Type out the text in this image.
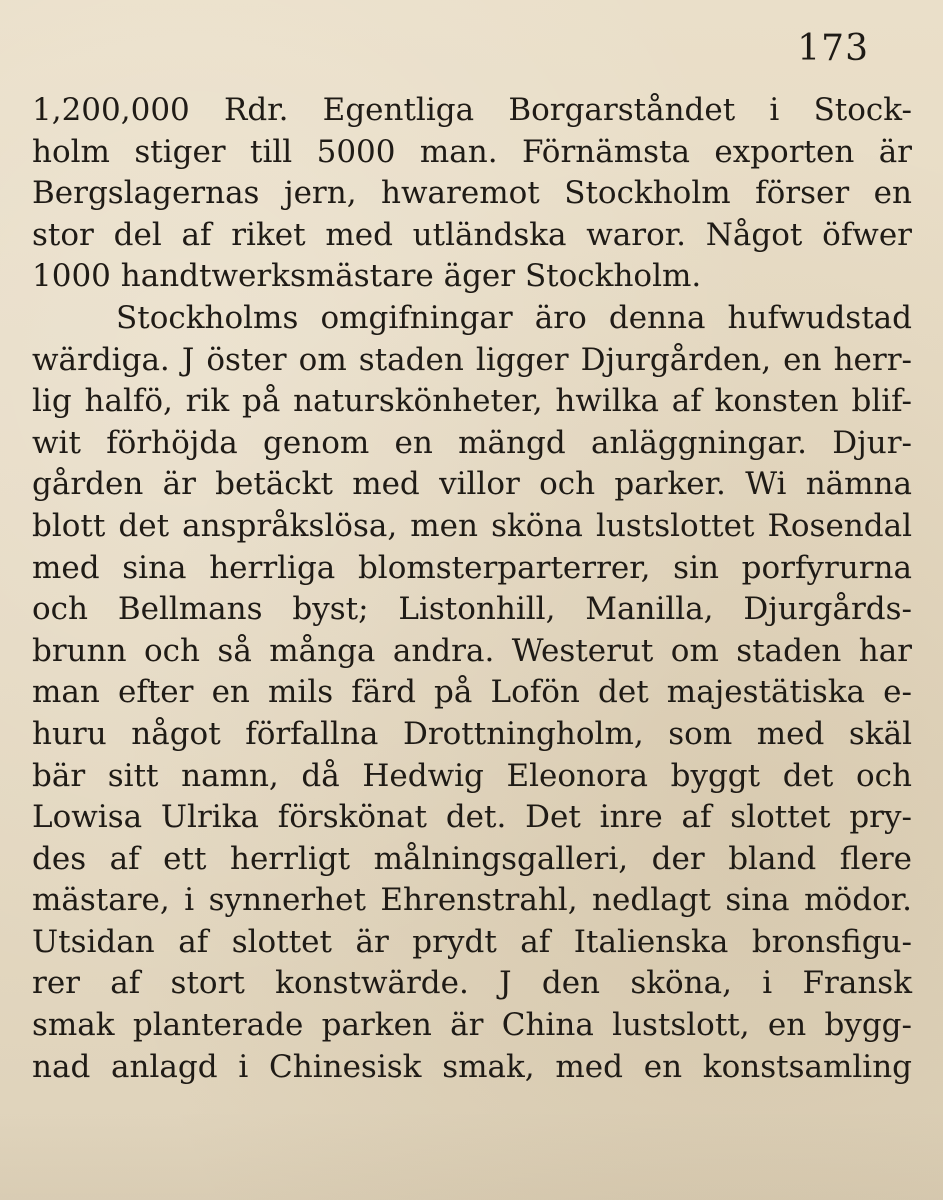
173
1,200,000 Rdr. Egentliga Borgarståndet i Stock-
holm stiger till 5000 man. Förnämsta exporten är
Bergslagernas jern, hwaremot Stockholm förser en
stor del af riket med utländska waror. Något öfwer
1000 handtwerksmästare äger Stockholm.
Stockholms omgifningar äro denna hufwudstad
wärdiga. J öster om staden ligger Djurgården, en herr-
lig halfö, rik på naturskönheter, hwilka af konsten blif-
wit förhöjda genom en mängd anläggningar. Djur-
gården är betäckt med villor och parker. Wi nämna
blott det anspråkslösa, men sköna lustslottet Rosendal
med sina herrliga blomsterparterrer, sin porfyrurna
och Bellmans byst; Listonhill, Manilla, Djurgårds-
brunn och så många andra. Westerut om staden har
man efter en mils färd på Lofön det majestätiska e-
huru något förfallna Drottningholm, som med skäl
bär sitt namn, då Hedwig Eleonora byggt det och
Lowisa Ulrika förskönat det. Det inre af slottet pry-
des af ett herrligt målningsgalleri, der bland flere
mästare, i synnerhet Ehrenstrahl, nedlagt sina mödor.
Utsidan af slottet är prydt af Italienska bronsfigu-
rer af stort konstwärde. J den sköna, i Fransk
smak planterade parken är China lustslott, en bygg-
nad anlagd i Chinesisk smak, med en konstsamling
